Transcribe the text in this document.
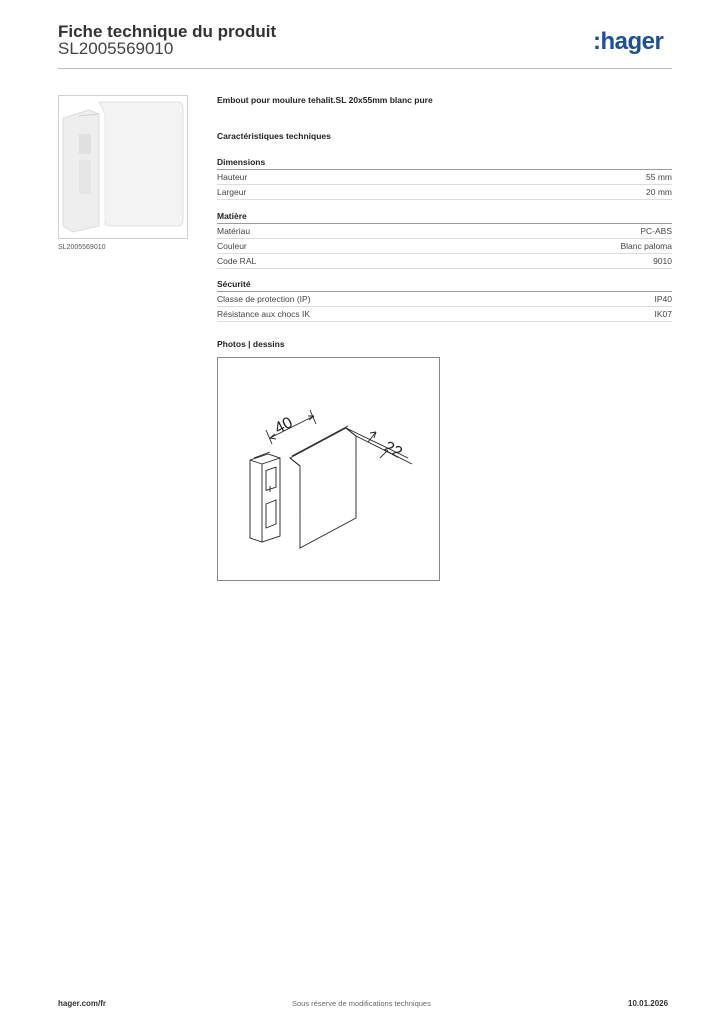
Fiche technique du produit
SL2005569010	:hager
SL2005569010
Embout pour moulure tehalit.SL 20x55mm blanc pure
Caractéristiques techniques
Dimensions
Hauteur	55 mm
Largeur	20 mm
Matière
Matériau	PC-ABS
Couleur	Blanc paloma
Code RAL	9010
Sécurité
Classe de protection (IP)	IP40
Résistance aux chocs IK	IK07
Photos | dessins
40
22
hager.com/fr	Sous réserve de modifications techniques	10.01.2026
